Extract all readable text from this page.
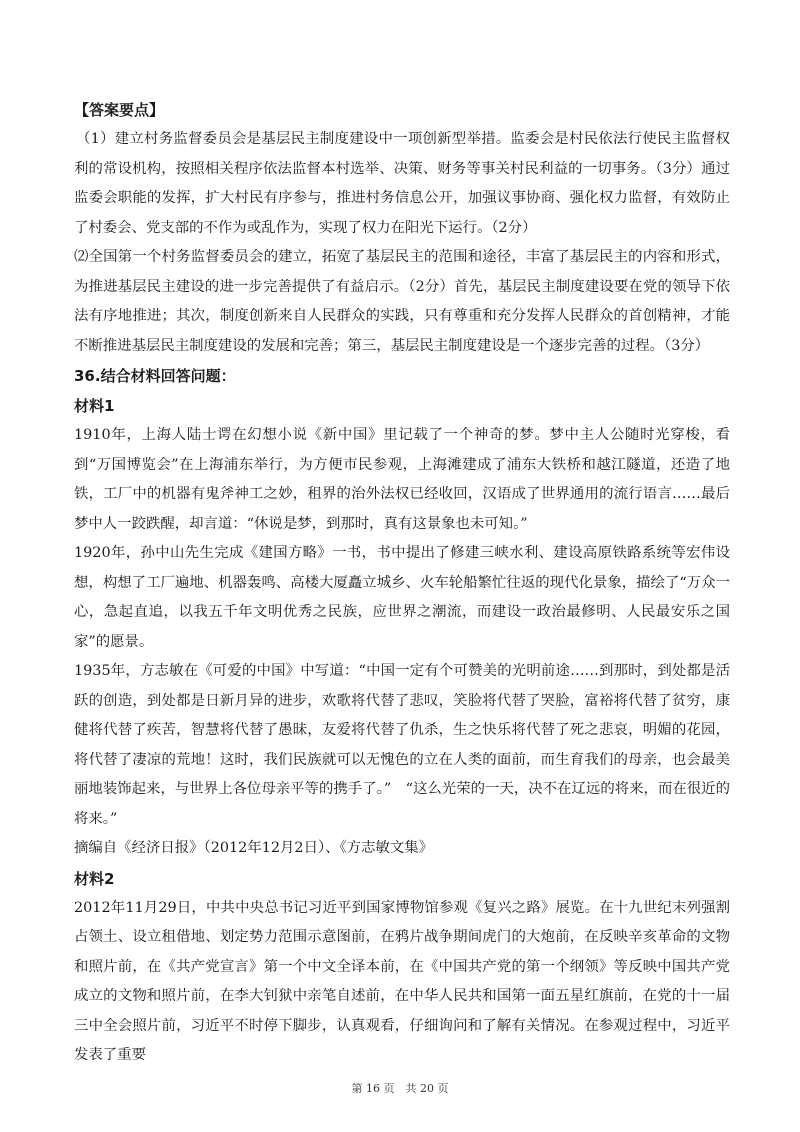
【答案要点】

（1）建立村务监督委员会是基层民主制度建设中一项创新型举措。监委会是村民依法行使民主监督权利的常设机构，按照相关程序依法监督本村选举、决策、财务等事关村民利益的一切事务。（3分）通过监委会职能的发挥，扩大村民有序参与，推进村务信息公开，加强议事协商、强化权力监督，有效防止了村委会、党支部的不作为或乱作为，实现了权力在阳光下运行。（2分）

⑵全国第一个村务监督委员会的建立，拓宽了基层民主的范围和途径，丰富了基层民主的内容和形式，为推进基层民主建设的进一步完善提供了有益启示。（2分）首先，基层民主制度建设要在党的领导下依法有序地推进；其次，制度创新来自人民群众的实践，只有尊重和充分发挥人民群众的首创精神，才能不断推进基层民主制度建设的发展和完善；第三，基层民主制度建设是一个逐步完善的过程。（3分）

36.结合材料回答问题：

材料1

1910年，上海人陆士谔在幻想小说《新中国》里记载了一个神奇的梦。梦中主人公随时光穿梭，看到“万国博览会”在上海浦东举行，为方便市民参观，上海滩建成了浦东大铁桥和越江隧道，还造了地铁，工厂中的机器有鬼斧神工之妙，租界的治外法权已经收回，汉语成了世界通用的流行语言……最后梦中人一跤跌醒，却言道：“休说是梦，到那时，真有这景象也未可知。”

1920年，孙中山先生完成《建国方略》一书，书中提出了修建三峡水利、建设高原铁路系统等宏伟设想，构想了工厂遍地、机器轰鸣、高楼大厦矗立城乡、火车轮船繁忙往返的现代化景象，描绘了“万众一心，急起直追，以我五千年文明优秀之民族，应世界之潮流，而建设一政治最修明、人民最安乐之国家”的愿景。

1935年，方志敏在《可爱的中国》中写道：“中国一定有个可赞美的光明前途……到那时，到处都是活跃的创造，到处都是日新月异的进步，欢歌将代替了悲叹，笑脸将代替了哭脸，富裕将代替了贫穷，康健将代替了疾苦，智慧将代替了愚昧，友爱将代替了仇杀，生之快乐将代替了死之悲哀，明媚的花园，将代替了凄凉的荒地！这时，我们民族就可以无愧色的立在人类的面前，而生育我们的母亲，也会最美丽地装饰起来，与世界上各位母亲平等的携手了。”　“这么光荣的一天，决不在辽远的将来，而在很近的将来。”

摘编自《经济日报》（2012年12月2日）、《方志敏文集》

材料2

2012年11月29日，中共中央总书记习近平到国家博物馆参观《复兴之路》展览。在十九世纪末列强割占领土、设立租借地、划定势力范围示意图前，在鸦片战争期间虎门的大炮前，在反映辛亥革命的文物和照片前，在《共产党宣言》第一个中文全译本前，在《中国共产党的第一个纲领》等反映中国共产党成立的文物和照片前，在李大钊狱中亲笔自述前，在中华人民共和国第一面五星红旗前，在党的十一届三中全会照片前，习近平不时停下脚步，认真观看，仔细询问和了解有关情况。在参观过程中，习近平发表了重要

第 16 页　共 20 页
